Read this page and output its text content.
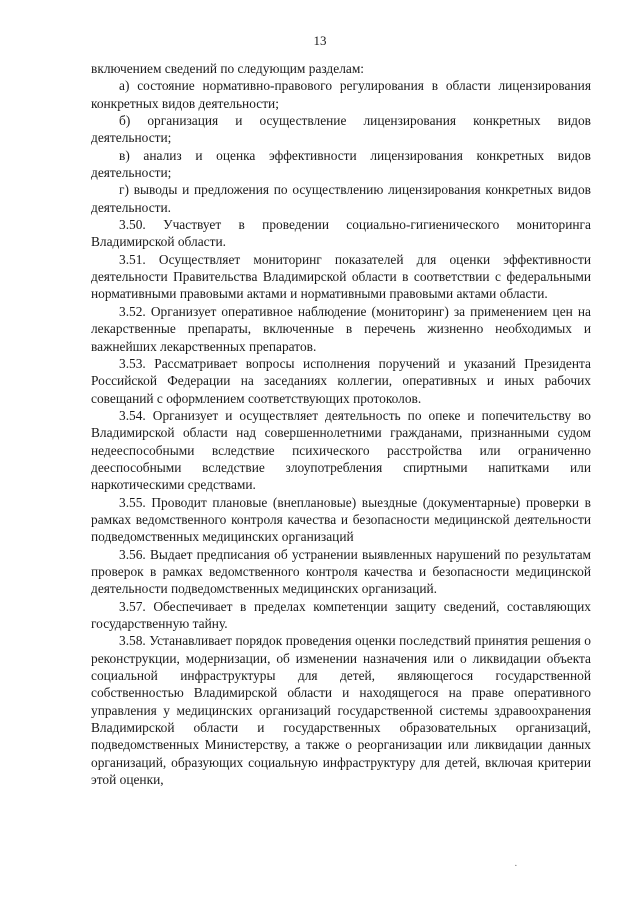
13

включением сведений по следующим разделам:

а) состояние нормативно-правового регулирования в области лицензирования конкретных видов деятельности;

б) организация и осуществление лицензирования конкретных видов деятельности;

в) анализ и оценка эффективности лицензирования конкретных видов деятельности;

г) выводы и предложения по осуществлению лицензирования конкретных видов деятельности.

3.50. Участвует в проведении социально-гигиенического мониторинга Владимирской области.

3.51. Осуществляет мониторинг показателей для оценки эффективности деятельности Правительства Владимирской области в соответствии с федеральными нормативными правовыми актами и нормативными правовыми актами области.

3.52. Организует оперативное наблюдение (мониторинг) за применением цен на лекарственные препараты, включенные в перечень жизненно необходимых и важнейших лекарственных препаратов.

3.53. Рассматривает вопросы исполнения поручений и указаний Президента Российской Федерации на заседаниях коллегии, оперативных и иных рабочих совещаний с оформлением соответствующих протоколов.

3.54. Организует и осуществляет деятельность по опеке и попечительству во Владимирской области над совершеннолетними гражданами, признанными судом недееспособными вследствие психического расстройства или ограниченно дееспособными вследствие злоупотребления спиртными напитками или наркотическими средствами.

3.55. Проводит плановые (внеплановые) выездные (документарные) проверки в рамках ведомственного контроля качества и безопасности медицинской деятельности подведомственных медицинских организаций

3.56. Выдает предписания об устранении выявленных нарушений по результатам проверок в рамках ведомственного контроля качества и безопасности медицинской деятельности подведомственных медицинских организаций.

3.57. Обеспечивает в пределах компетенции защиту сведений, составляющих государственную тайну.

3.58. Устанавливает порядок проведения оценки последствий принятия решения о реконструкции, модернизации, об изменении назначения или о ликвидации объекта социальной инфраструктуры для детей, являющегося государственной собственностью Владимирской области и находящегося на праве оперативного управления у медицинских организаций государственной системы здравоохранения Владимирской области и государственных образовательных организаций, подведомственных Министерству, а также о реорганизации или ликвидации данных организаций, образующих социальную инфраструктуру для детей, включая критерии этой оценки,

·
